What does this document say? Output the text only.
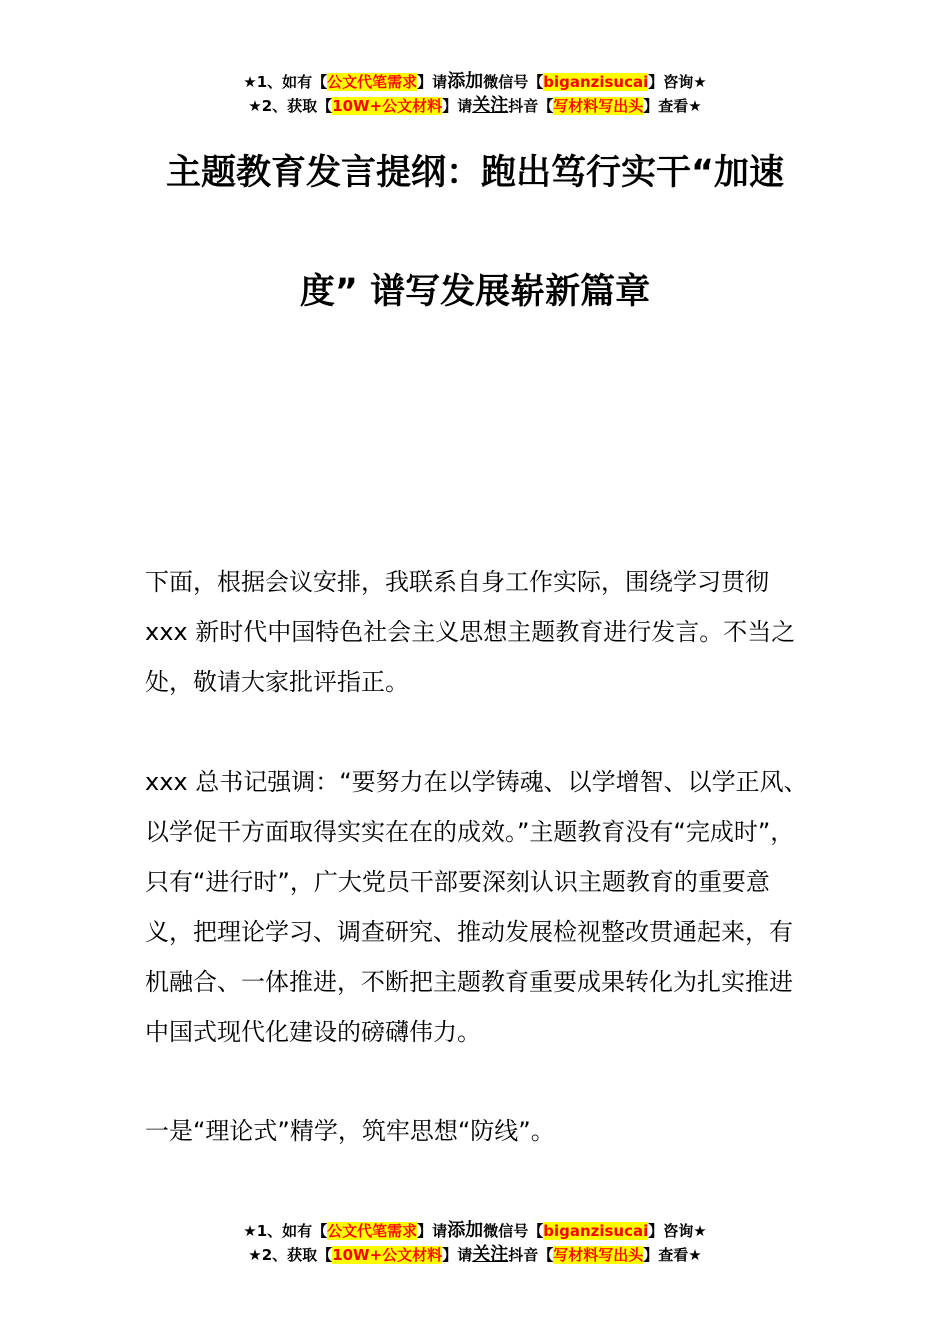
★1、如有【公文代笔需求】请添加微信号【biganzisucai】咨询★
★2、获取【10W+公文材料】请关注抖音【写材料写出头】查看★
主题教育发言提纲：跑出笃行实干“加速
度” 谱写发展崭新篇章

下面，根据会议安排，我联系自身工作实际，围绕学习贯彻 xxx 新时代中国特色社会主义思想主题教育进行发言。不当之处，敬请大家批评指正。

xxx 总书记强调：“要努力在以学铸魂、以学增智、以学正风、以学促干方面取得实实在在的成效。”主题教育没有“完成时”，只有“进行时”，广大党员干部要深刻认识主题教育的重要意义，把理论学习、调查研究、推动发展检视整改贯通起来，有机融合、一体推进，不断把主题教育重要成果转化为扎实推进中国式现代化建设的磅礴伟力。

一是“理论式”精学，筑牢思想“防线”。

★1、如有【公文代笔需求】请添加微信号【biganzisucai】咨询★
★2、获取【10W+公文材料】请关注抖音【写材料写出头】查看★
